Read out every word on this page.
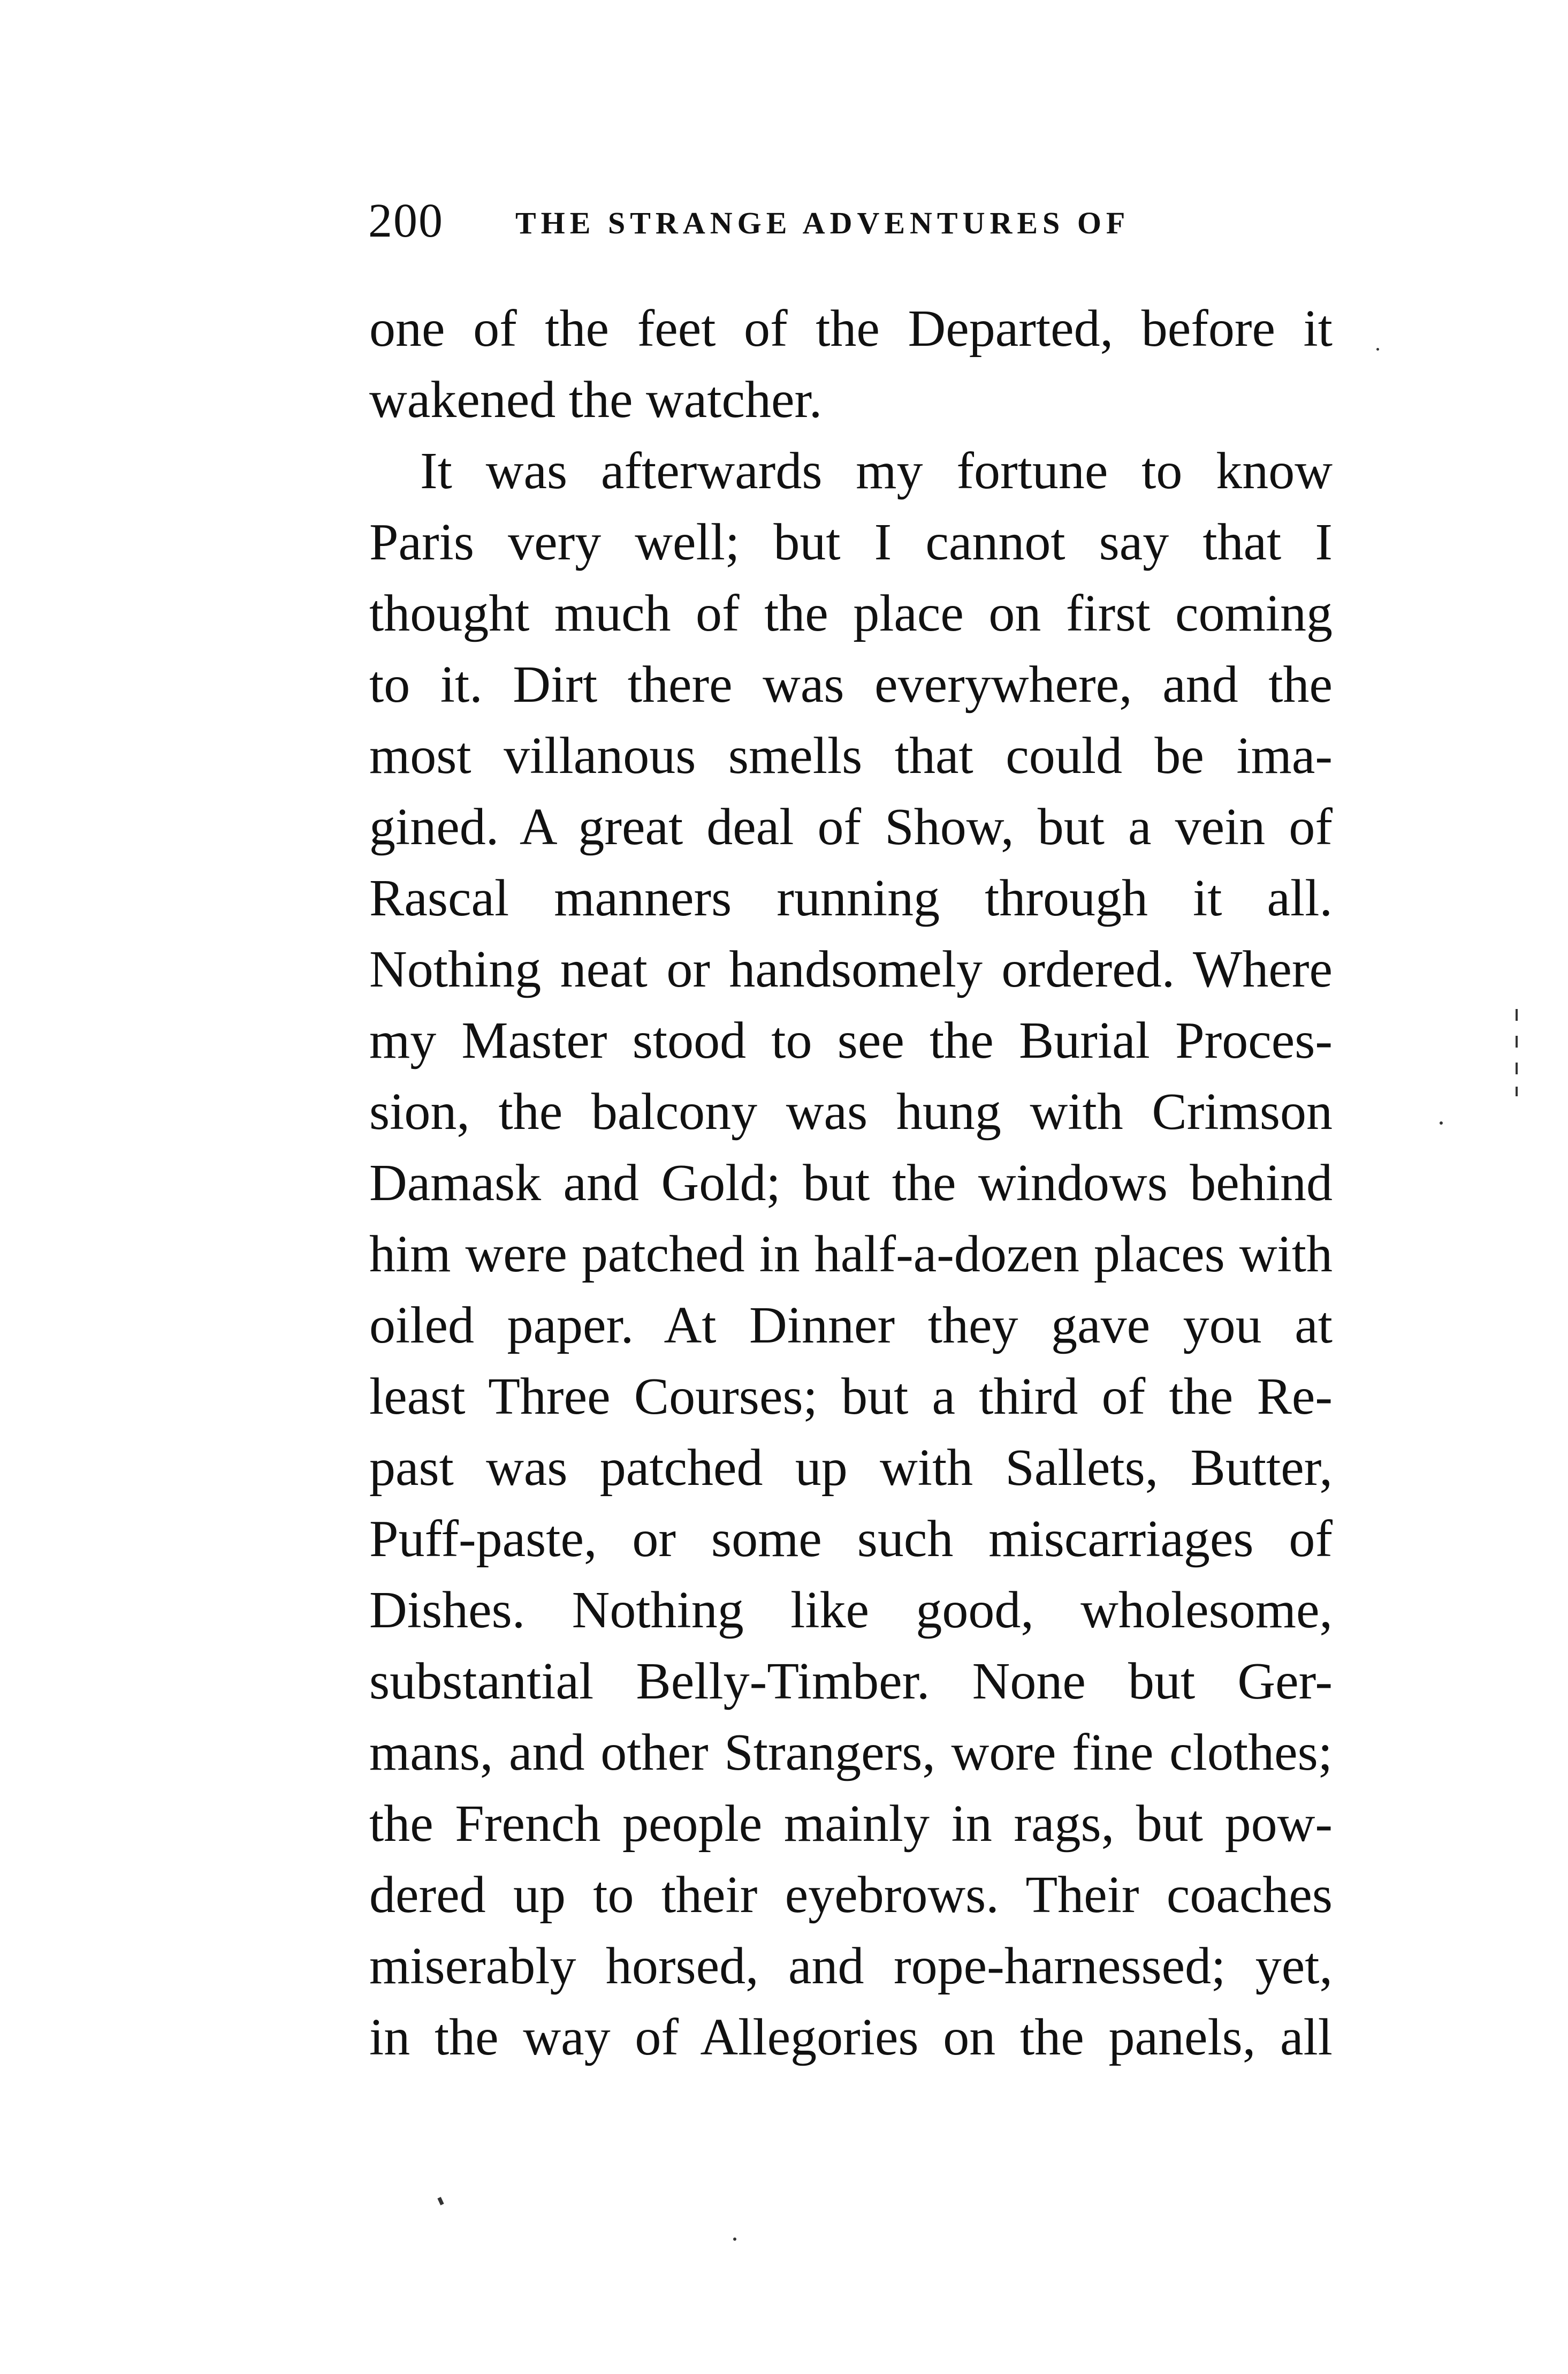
200 THE STRANGE ADVENTURES OF
one of the feet of the Departed, before it
wakened the watcher.
It was afterwards my fortune to know
Paris very well; but I cannot say that I
thought much of the place on first coming
to it. Dirt there was everywhere, and the
most villanous smells that could be ima-
gined. A great deal of Show, but a vein of
Rascal manners running through it all.
Nothing neat or handsomely ordered. Where
my Master stood to see the Burial Proces-
sion, the balcony was hung with Crimson
Damask and Gold; but the windows behind
him were patched in half-a-dozen places with
oiled paper. At Dinner they gave you at
least Three Courses; but a third of the Re-
past was patched up with Sallets, Butter,
Puff-paste, or some such miscarriages of
Dishes. Nothing like good, wholesome,
substantial Belly-Timber. None but Ger-
mans, and other Strangers, wore fine clothes;
the French people mainly in rags, but pow-
dered up to their eyebrows. Their coaches
miserably horsed, and rope-harnessed; yet,
in the way of Allegories on the panels, all
